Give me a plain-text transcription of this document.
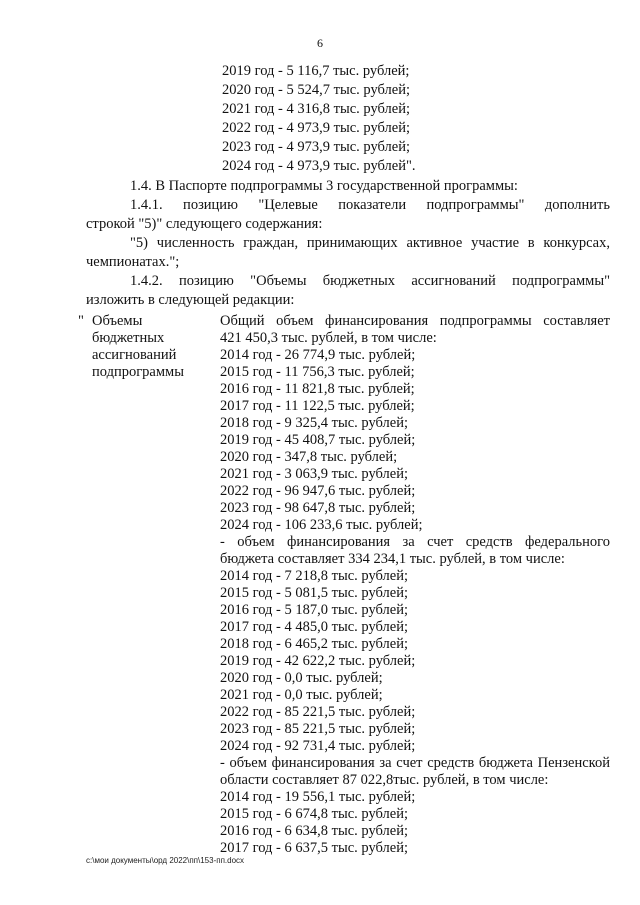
6
2019 год - 5 116,7 тыс. рублей;
2020 год - 5 524,7 тыс. рублей;
2021 год - 4 316,8 тыс. рублей;
2022 год - 4 973,9 тыс. рублей;
2023 год - 4 973,9 тыс. рублей;
2024 год - 4 973,9 тыс. рублей".
1.4. В Паспорте подпрограммы 3 государственной программы:
1.4.1. позицию "Целевые показатели подпрограммы" дополнить
строкой "5)" следующего содержания:
"5) численность граждан, принимающих активное участие в конкурсах,
чемпионатах.";
1.4.2. позицию "Объемы бюджетных ассигнований подпрограммы"
изложить в следующей редакции:
" Объемы
бюджетных
ассигнований
подпрограммы
Общий объем финансирования подпрограммы составляет
421 450,3 тыс. рублей, в том числе:
2014 год - 26 774,9 тыс. рублей;
2015 год - 11 756,3 тыс. рублей;
2016 год - 11 821,8 тыс. рублей;
2017 год - 11 122,5 тыс. рублей;
2018 год - 9 325,4 тыс. рублей;
2019 год - 45 408,7 тыс. рублей;
2020 год - 347,8 тыс. рублей;
2021 год - 3 063,9 тыс. рублей;
2022 год - 96 947,6 тыс. рублей;
2023 год - 98 647,8 тыс. рублей;
2024 год - 106 233,6 тыс. рублей;
- объем финансирования за счет средств федерального
бюджета составляет 334 234,1 тыс. рублей, в том числе:
2014 год - 7 218,8 тыс. рублей;
2015 год - 5 081,5 тыс. рублей;
2016 год - 5 187,0 тыс. рублей;
2017 год - 4 485,0 тыс. рублей;
2018 год - 6 465,2 тыс. рублей;
2019 год - 42 622,2 тыс. рублей;
2020 год - 0,0 тыс. рублей;
2021 год - 0,0 тыс. рублей;
2022 год - 85 221,5 тыс. рублей;
2023 год - 85 221,5 тыс. рублей;
2024 год - 92 731,4 тыс. рублей;
- объем финансирования за счет средств бюджета Пензенской
области составляет 87 022,8тыс. рублей, в том числе:
2014 год - 19 556,1 тыс. рублей;
2015 год - 6 674,8 тыс. рублей;
2016 год - 6 634,8 тыс. рублей;
2017 год - 6 637,5 тыс. рублей;
c:\мои документы\орд 2022\пп\153-пп.docx
